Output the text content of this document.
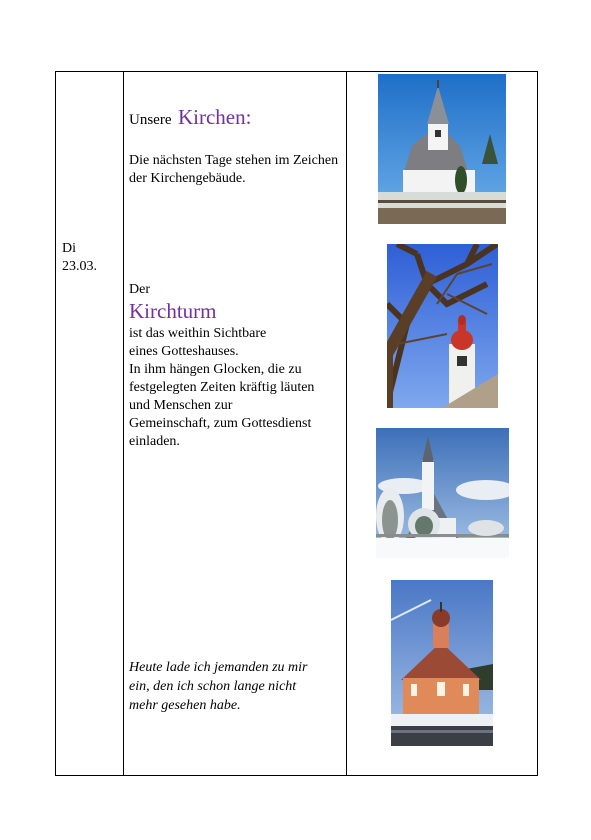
Di
23.03.
Unsere Kirchen:
Die nächsten Tage stehen im Zeichen der Kirchengebäude.
Der
Kirchturm
ist das weithin Sichtbare
eines Gotteshauses.
In ihm hängen Glocken, die zu
festgelegten Zeiten kräftig läuten
und Menschen zur
Gemeinschaft, zum Gottesdienst
einladen.
Heute lade ich jemanden zu mir
ein, den ich schon lange nicht
mehr gesehen habe.
